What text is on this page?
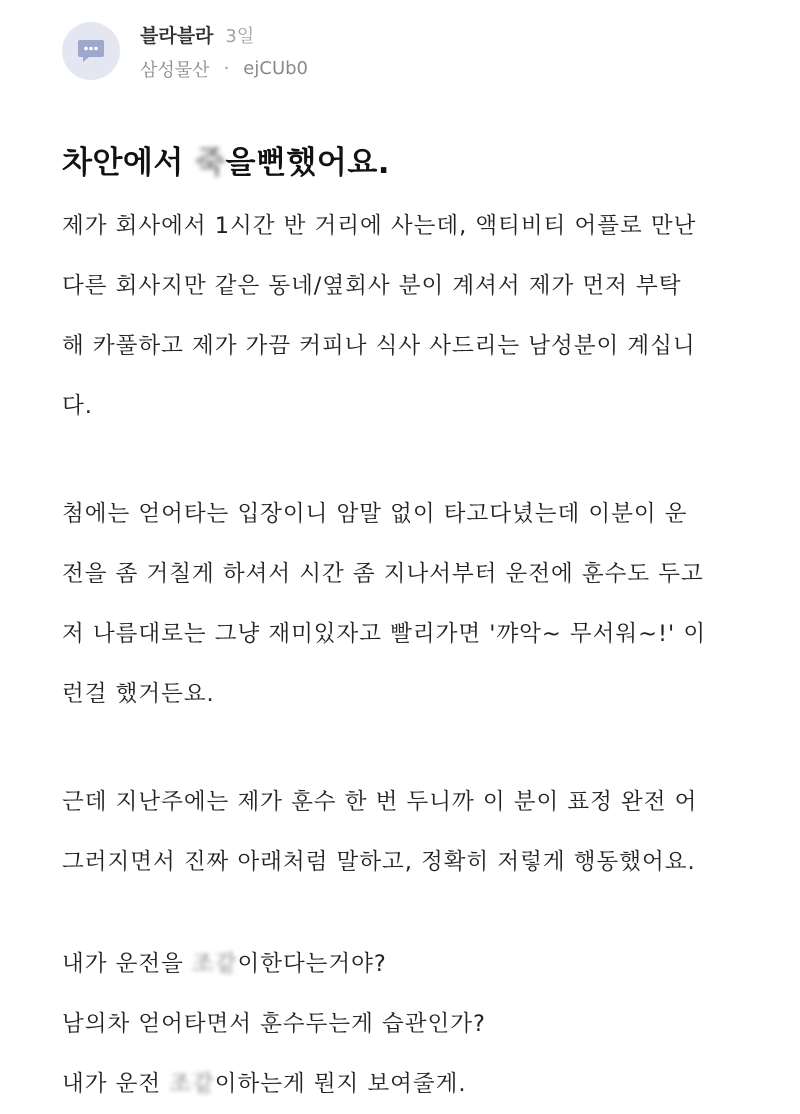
블라블라 3일
삼성물산 · ejCUb0
차안에서 죽을뻔했어요.

제가 회사에서 1시간 반 거리에 사는데, 액티비티 어플로 만난
다른 회사지만 같은 동네/옆회사 분이 계셔서 제가 먼저 부탁
해 카풀하고 제가 가끔 커피나 식사 사드리는 남성분이 계십니
다.

첨에는 얻어타는 입장이니 암말 없이 타고다녔는데 이분이 운
전을 좀 거칠게 하셔서 시간 좀 지나서부터 운전에 훈수도 두고
저 나름대로는 그냥 재미있자고 빨리가면 '꺄악~ 무서워~!' 이
런걸 했거든요.

근데 지난주에는 제가 훈수 한 번 두니까 이 분이 표정 완전 어
그러지면서 진짜 아래처럼 말하고, 정확히 저렇게 행동했어요.

내가 운전을 조같이한다는거야?
남의차 얻어타면서 훈수두는게 습관인가?
내가 운전 조같이하는게 뭔지 보여줄게.
